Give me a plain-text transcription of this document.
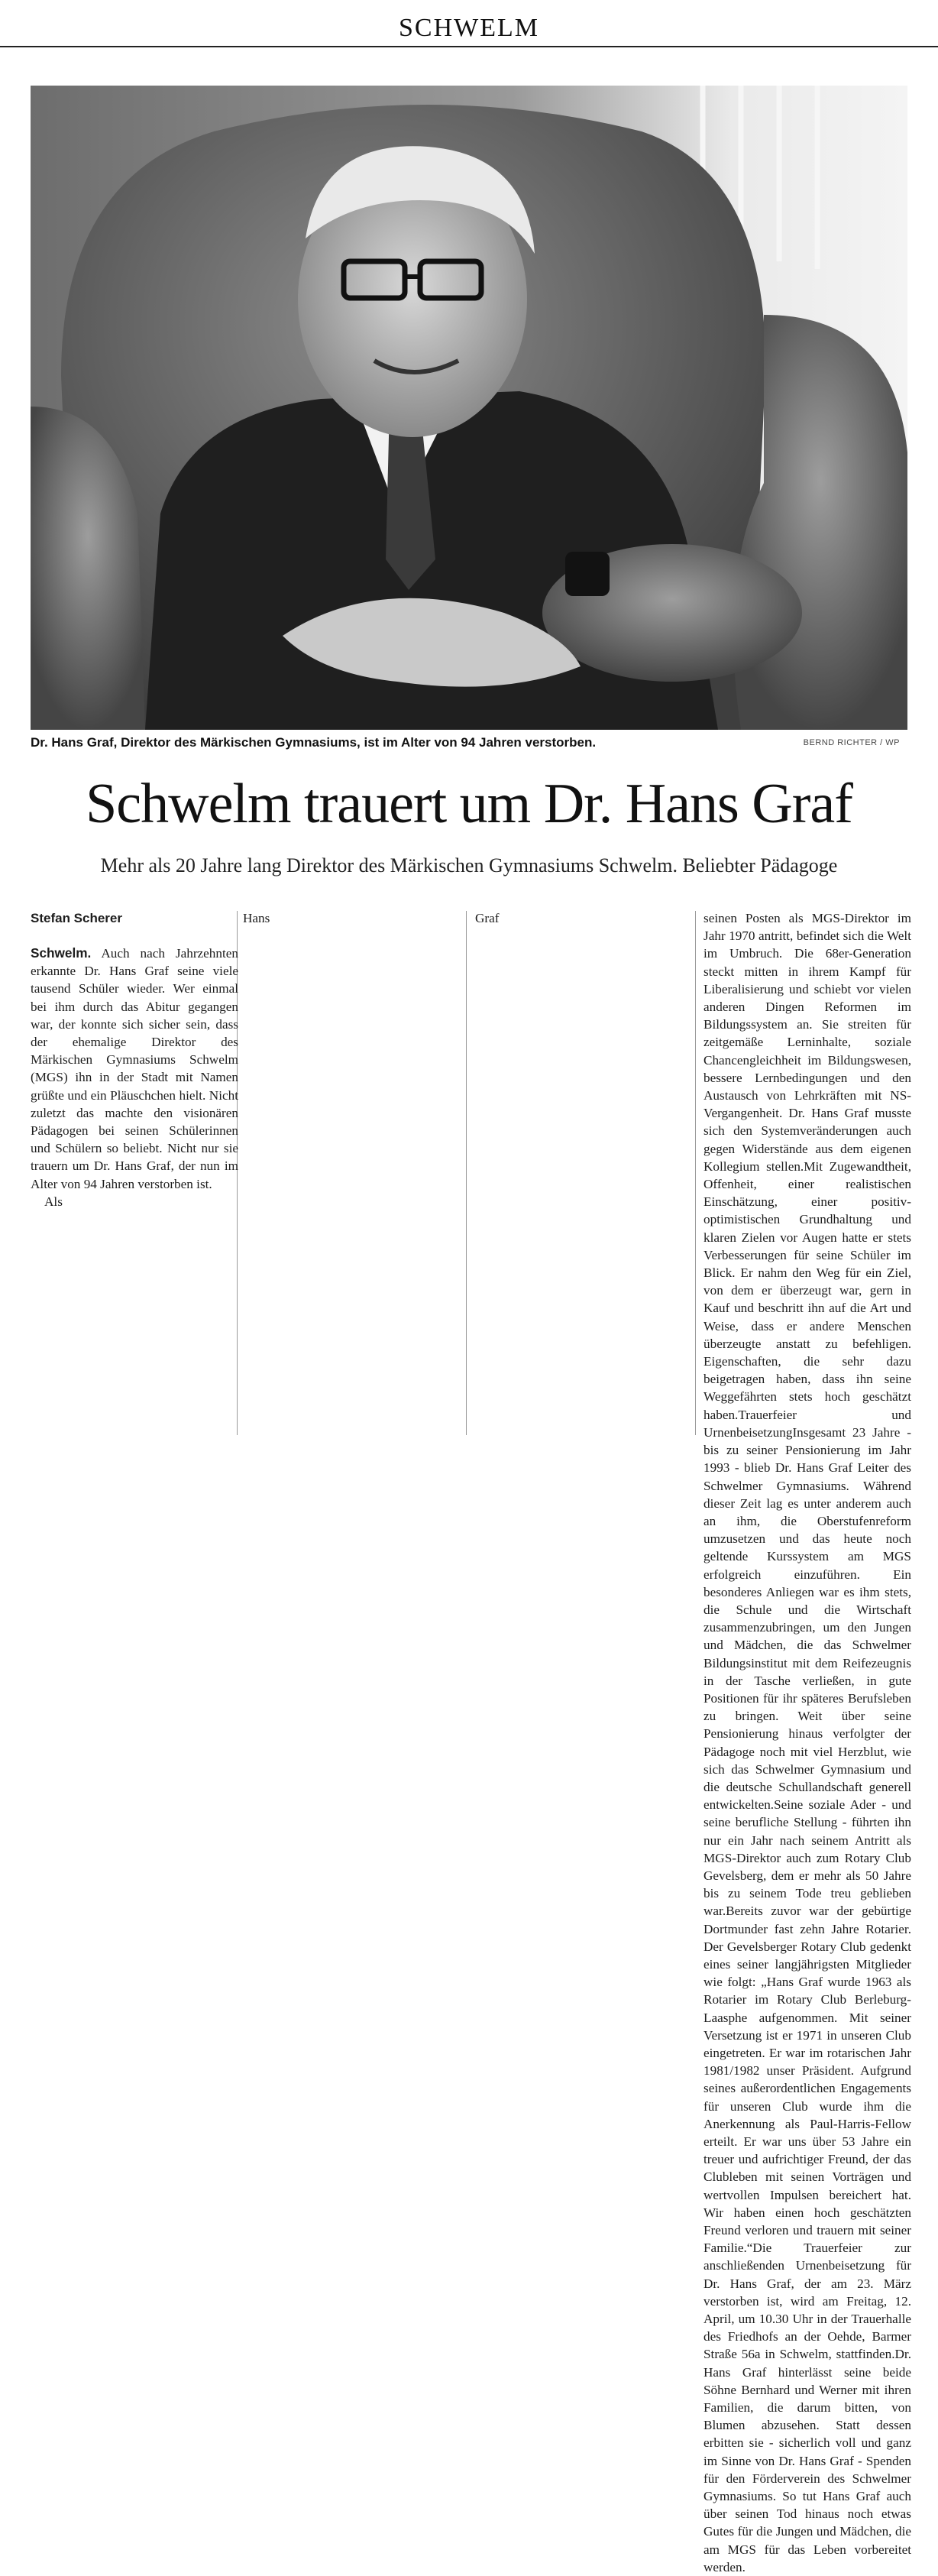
SCHWELM
Dr. Hans Graf, Direktor des Märkischen Gymnasiums, ist im Alter von 94 Jahren verstorben.	BERND RICHTER / WP
Schwelm trauert um Dr. Hans Graf
Mehr als 20 Jahre lang Direktor des Märkischen Gymnasiums Schwelm. Beliebter Pädagoge
Stefan Scherer

Schwelm. Auch nach Jahrzehnten erkannte Dr. Hans Graf seine viele tausend Schüler wieder. Wer einmal bei ihm durch das Abitur gegangen war, der konnte sich sicher sein, dass der ehemalige Direktor des Märkischen Gymnasiums Schwelm (MGS) ihn in der Stadt mit Namen grüßte und ein Pläuschchen hielt. Nicht zuletzt das machte den visionären Pädagogen bei seinen Schülerinnen und Schülern so beliebt. Nicht nur sie trauern um Dr. Hans Graf, der nun im Alter von 94 Jahren verstorben ist.

Als

Hans	Graf	seinen Posten als MGS-Direktor im Jahr 1970 antritt, befindet sich die Welt im Umbruch. Die 68er-Generation steckt mitten in ihrem Kampf für Liberalisierung und schiebt vor vielen anderen Dingen Reformen im Bildungssystem an. Sie streiten für zeitgemäße Lerninhalte, soziale Chancengleichheit im Bildungswesen, bessere Lernbedingungen und den Austausch von Lehrkräften mit NS-Vergangenheit. Dr. Hans Graf musste sich den Systemveränderungen auch gegen Widerstände aus dem eigenen Kollegium stellen.Mit Zugewandtheit, Offenheit, einer realistischen Einschätzung, einer positiv-optimistischen Grundhaltung und klaren Zielen vor Augen hatte er stets Verbesserungen für seine Schüler im Blick. Er nahm den Weg für ein Ziel, von dem er überzeugt war, gern in Kauf und beschritt ihn auf die Art und Weise, dass er andere Menschen überzeugte anstatt zu befehligen. Eigenschaften, die sehr dazu beigetragen haben, dass ihn seine Weggefährten stets hoch geschätzt haben.Trauerfeier und UrnenbeisetzungInsgesamt 23 Jahre - bis zu seiner Pensionierung im Jahr 1993 - blieb Dr. Hans Graf Leiter des Schwelmer Gymnasiums. Während dieser Zeit lag es unter anderem auch an ihm, die Oberstufenreform umzusetzen und das heute noch geltende Kurssystem am MGS erfolgreich einzuführen. Ein besonderes Anliegen war es ihm stets, die Schule und die Wirtschaft zusammenzubringen, um den Jungen und Mädchen, die das Schwelmer Bildungsinstitut mit dem Reifezeugnis in der Tasche verließen, in gute Positionen für ihr späteres Berufsleben zu bringen. Weit über seine Pensionierung hinaus verfolgter der Pädagoge noch mit viel Herzblut, wie sich das Schwelmer Gymnasium und die deutsche Schullandschaft generell entwickelten.Seine soziale Ader - und seine berufliche Stellung - führten ihn nur ein Jahr nach seinem Antritt als MGS-Direktor auch zum Rotary Club Gevelsberg, dem er mehr als 50 Jahre bis zu seinem Tode treu geblieben war.Bereits zuvor war der gebürtige Dortmunder fast zehn Jahre Rotarier. Der Gevelsberger Rotary Club gedenkt eines seiner langjährigsten Mitglieder wie folgt: „Hans Graf wurde 1963 als Rotarier im Rotary Club Berleburg-Laasphe aufgenommen. Mit seiner Versetzung ist er 1971 in unseren Club eingetreten. Er war im rotarischen Jahr 1981/1982 unser Präsident. Aufgrund seines außerordentlichen Engagements für unseren Club wurde ihm die Anerkennung als Paul-Harris-Fellow erteilt. Er war uns über 53 Jahre ein treuer und aufrichtiger Freund, der das Clubleben mit seinen Vorträgen und wertvollen Impulsen bereichert hat. Wir haben einen hoch geschätzten Freund verloren und trauern mit seiner Familie.“Die Trauerfeier zur anschließenden Urnenbeisetzung für Dr. Hans Graf, der am 23. März verstorben ist, wird am Freitag, 12. April, um 10.30 Uhr in der Trauerhalle des Friedhofs an der Oehde, Barmer Straße 56a in Schwelm, stattfinden.Dr. Hans Graf hinterlässt seine beide Söhne Bernhard und Werner mit ihren Familien, die darum bitten, von Blumen abzusehen. Statt dessen erbitten sie - sicherlich voll und ganz im Sinne von Dr. Hans Graf - Spenden für den Förderverein des Schwelmer Gymnasiums. So tut Hans Graf auch über seinen Tod hinaus noch etwas Gutes für die Jungen und Mädchen, die am MGS für das Leben vorbereitet werden.
